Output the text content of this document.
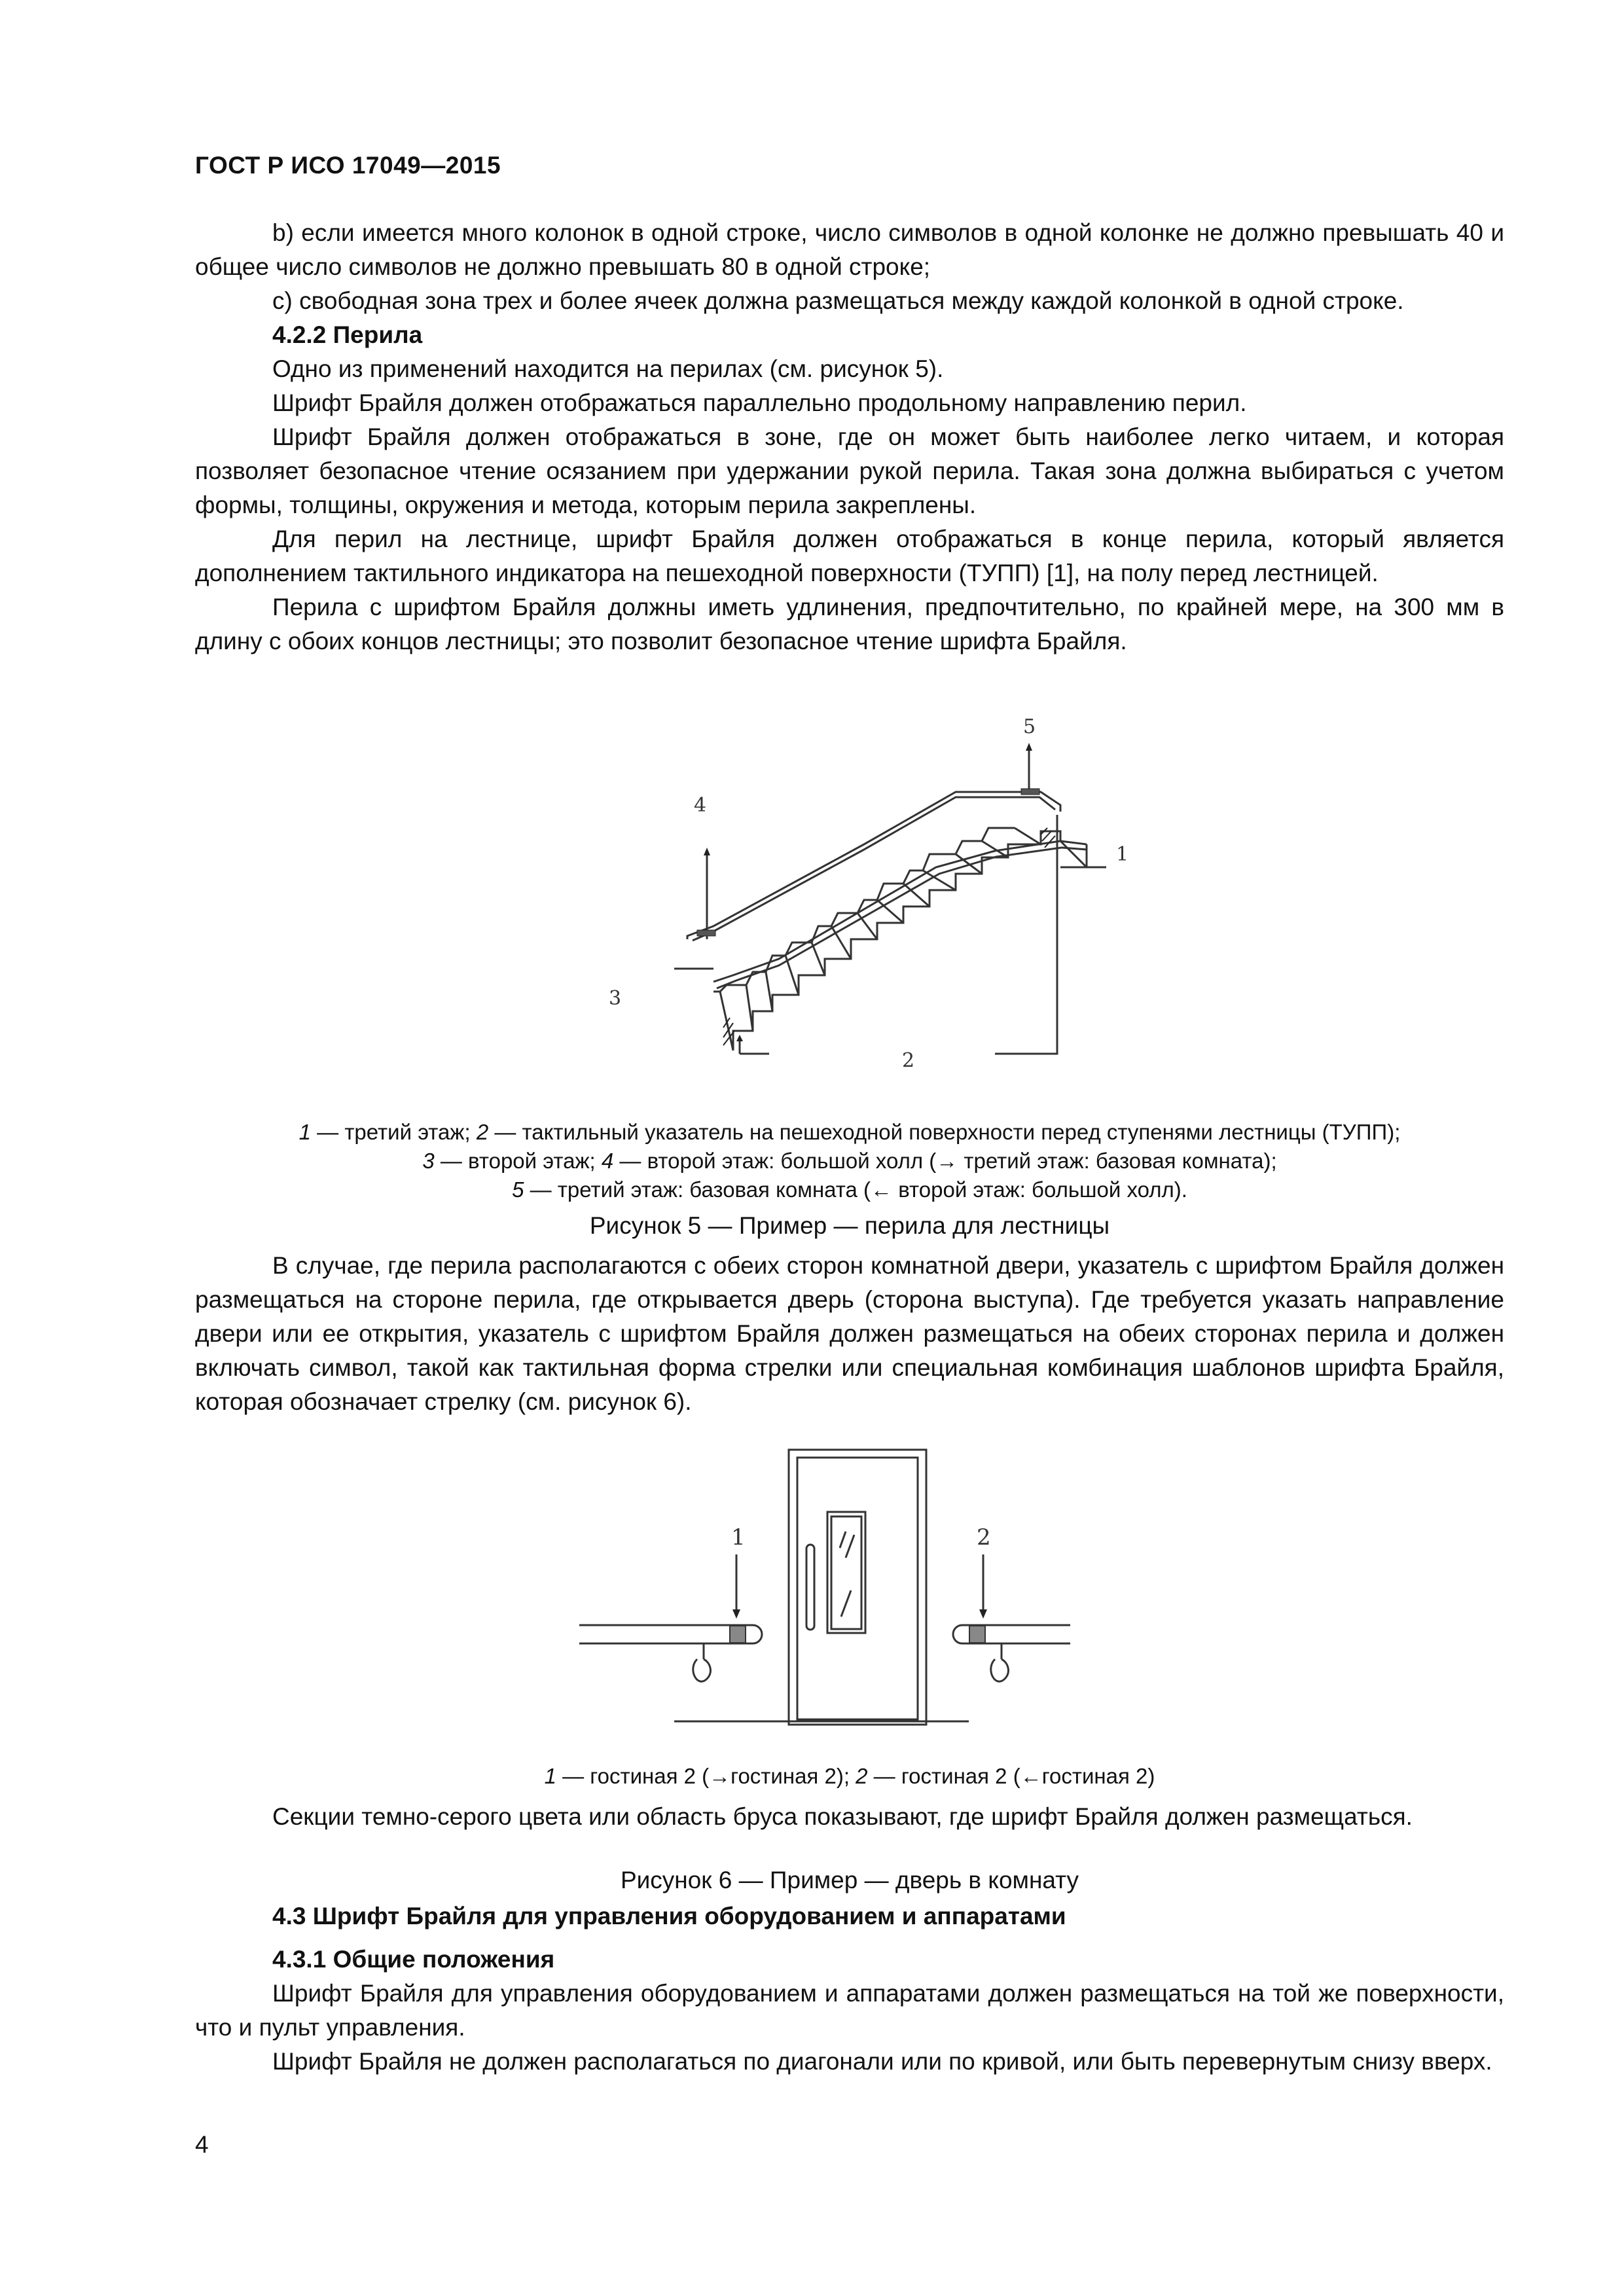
ГОСТ Р ИСО 17049—2015

b) если имеется много колонок в одной строке, число символов в одной колонке не должно превышать 40 и общее число символов не должно превышать 80 в одной строке;

c) свободная зона трех и более ячеек должна размещаться между каждой колонкой в одной строке.

4.2.2 Перила

Одно из применений находится на перилах (см. рисунок 5).

Шрифт Брайля должен отображаться параллельно продольному направлению перил.

Шрифт Брайля должен отображаться в зоне, где он может быть наиболее легко читаем, и которая позволяет безопасное чтение осязанием при удержании рукой перила. Такая зона должна выбираться с учетом формы, толщины, окружения и метода, которым перила закреплены.

Для перил на лестнице, шрифт Брайля должен отображаться в конце перила, который является дополнением тактильного индикатора на пешеходной поверхности (ТУПП) [1], на полу перед лестницей.

Перила с шрифтом Брайля должны иметь удлинения, предпочтительно, по крайней мере, на 300 мм в длину с обоих концов лестницы; это позволит безопасное чтение шрифта Брайля.

4
5
1
3
2
1 — третий этаж; 2 — тактильный указатель на пешеходной поверхности перед ступенями лестницы (ТУПП);
3 — второй этаж; 4 — второй этаж: большой холл (→ третий этаж: базовая комната);
5 — третий этаж: базовая комната (← второй этаж: большой холл).
Рисунок 5 — Пример — перила для лестницы

В случае, где перила располагаются с обеих сторон комнатной двери, указатель с шрифтом Брайля должен размещаться на стороне перила, где открывается дверь (сторона выступа). Где требуется указать направление двери или ее открытия, указатель с шрифтом Брайля должен размещаться на обеих сторонах перила и должен включать символ, такой как тактильная форма стрелки или специальная комбинация шаблонов шрифта Брайля, которая обозначает стрелку (см. рисунок 6).

1	2
1 — гостиная 2 (→гостиная 2); 2 — гостиная 2 (←гостиная 2)

Секции темно-серого цвета или область бруса показывают, где шрифт Брайля должен размещаться.

Рисунок 6 — Пример — дверь в комнату

4.3 Шрифт Брайля для управления оборудованием и аппаратами

4.3.1 Общие положения

Шрифт Брайля для управления оборудованием и аппаратами должен размещаться на той же поверхности, что и пульт управления.

Шрифт Брайля не должен располагаться по диагонали или по кривой, или быть перевернутым снизу вверх.

4
